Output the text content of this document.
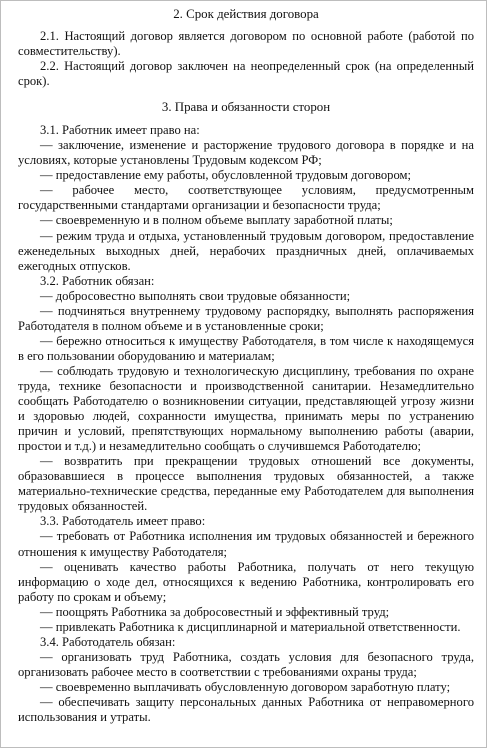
2. Срок действия договора

2.1. Настоящий договор является договором по основной работе (работой по совместительству).

2.2. Настоящий договор заключен на неопределенный срок (на определенный срок).

3. Права и обязанности сторон

3.1. Работник имеет право на:

— заключение, изменение и расторжение трудового договора в порядке и на условиях, которые установлены Трудовым кодексом РФ;

— предоставление ему работы, обусловленной трудовым договором;

— рабочее место, соответствующее условиям, предусмотренным государственными стандартами организации и безопасности труда;

— своевременную и в полном объеме выплату заработной платы;

— режим труда и отдыха, установленный трудовым договором, предоставление еженедельных выходных дней, нерабочих праздничных дней, оплачиваемых ежегодных отпусков.

3.2. Работник обязан:

— добросовестно выполнять свои трудовые обязанности;

— подчиняться внутреннему трудовому распорядку, выполнять распоряжения Работодателя в полном объеме и в установленные сроки;

— бережно относиться к имуществу Работодателя, в том числе к находящемуся в его пользовании оборудованию и материалам;

— соблюдать трудовую и технологическую дисциплину, требования по охране труда, технике безопасности и производственной санитарии. Незамедлительно сообщать Работодателю о возникновении ситуации, представляющей угрозу жизни и здоровью людей, сохранности имущества, принимать меры по устранению причин и условий, препятствующих нормальному выполнению работы (аварии, простои и т.д.) и незамедлительно сообщать о случившемся Работодателю;

— возвратить при прекращении трудовых отношений все документы, образовавшиеся в процессе выполнения трудовых обязанностей, а также материально-технические средства, переданные ему Работодателем для выполнения трудовых обязанностей.

3.3. Работодатель имеет право:

— требовать от Работника исполнения им трудовых обязанностей и бережного отношения к имуществу Работодателя;

— оценивать качество работы Работника, получать от него текущую информацию о ходе дел, относящихся к ведению Работника, контролировать его работу по срокам и объему;

— поощрять Работника за добросовестный и эффективный труд;

— привлекать Работника к дисциплинарной и материальной ответственности.

3.4. Работодатель обязан:

— организовать труд Работника, создать условия для безопасного труда, организовать рабочее место в соответствии с требованиями охраны труда;

— своевременно выплачивать обусловленную договором заработную плату;

— обеспечивать защиту персональных данных Работника от неправомерного использования и утраты.
